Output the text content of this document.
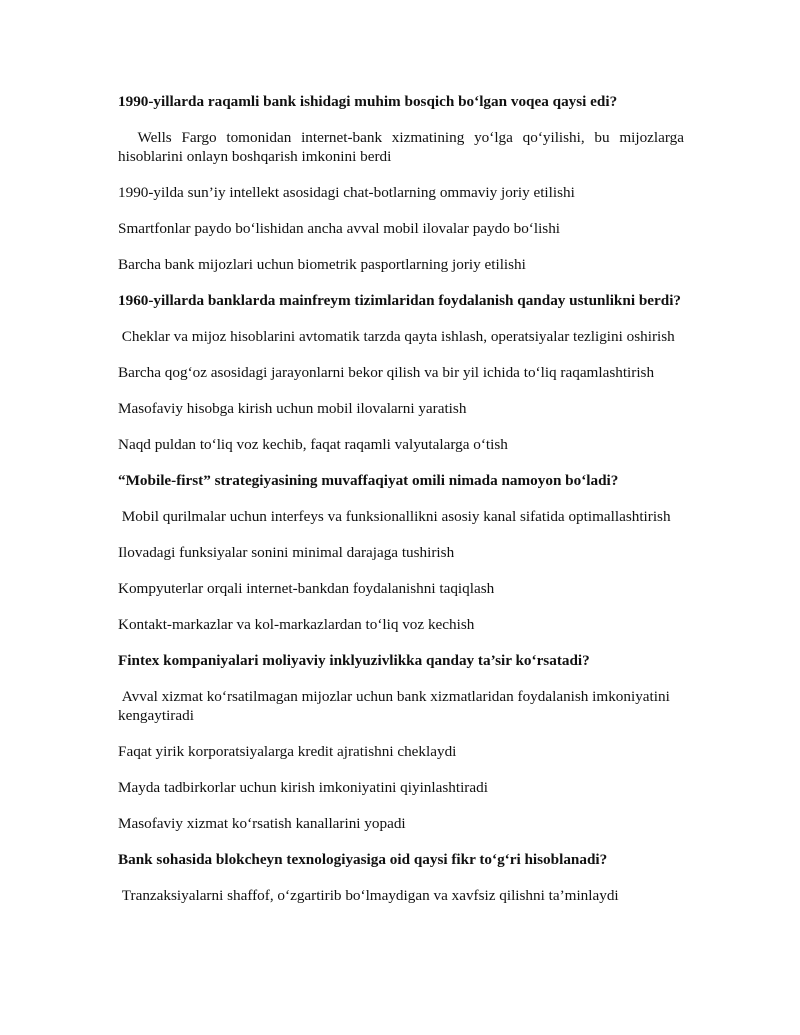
1990-yillarda raqamli bank ishidagi muhim bosqich bo‘lgan voqea qaysi edi?

Wells Fargo tomonidan internet-bank xizmatining yo‘lga qo‘yilishi, bu mijozlarga hisoblarini onlayn boshqarish imkonini berdi

1990-yilda sun’iy intellekt asosidagi chat-botlarning ommaviy joriy etilishi

Smartfonlar paydo bo‘lishidan ancha avval mobil ilovalar paydo bo‘lishi

Barcha bank mijozlari uchun biometrik pasportlarning joriy etilishi

1960-yillarda banklarda mainfreym tizimlaridan foydalanish qanday ustunlikni berdi?

Cheklar va mijoz hisoblarini avtomatik tarzda qayta ishlash, operatsiyalar tezligini oshirish

Barcha qog‘oz asosidagi jarayonlarni bekor qilish va bir yil ichida to‘liq raqamlashtirish

Masofaviy hisobga kirish uchun mobil ilovalarni yaratish

Naqd puldan to‘liq voz kechib, faqat raqamli valyutalarga o‘tish

“Mobile-first” strategiyasining muvaffaqiyat omili nimada namoyon bo‘ladi?

Mobil qurilmalar uchun interfeys va funksionallikni asosiy kanal sifatida optimallashtirish

Ilovadagi funksiyalar sonini minimal darajaga tushirish

Kompyuterlar orqali internet-bankdan foydalanishni taqiqlash

Kontakt-markazlar va kol-markazlardan to‘liq voz kechish

Fintex kompaniyalari moliyaviy inklyuzivlikka qanday ta’sir ko‘rsatadi?

Avval xizmat ko‘rsatilmagan mijozlar uchun bank xizmatlaridan foydalanish imkoniyatini kengaytiradi

Faqat yirik korporatsiyalarga kredit ajratishni cheklaydi

Mayda tadbirkorlar uchun kirish imkoniyatini qiyinlashtiradi

Masofaviy xizmat ko‘rsatish kanallarini yopadi

Bank sohasida blokcheyn texnologiyasiga oid qaysi fikr to‘g‘ri hisoblanadi?

Tranzaksiyalarni shaffof, o‘zgartirib bo‘lmaydigan va xavfsiz qilishni ta’minlaydi
